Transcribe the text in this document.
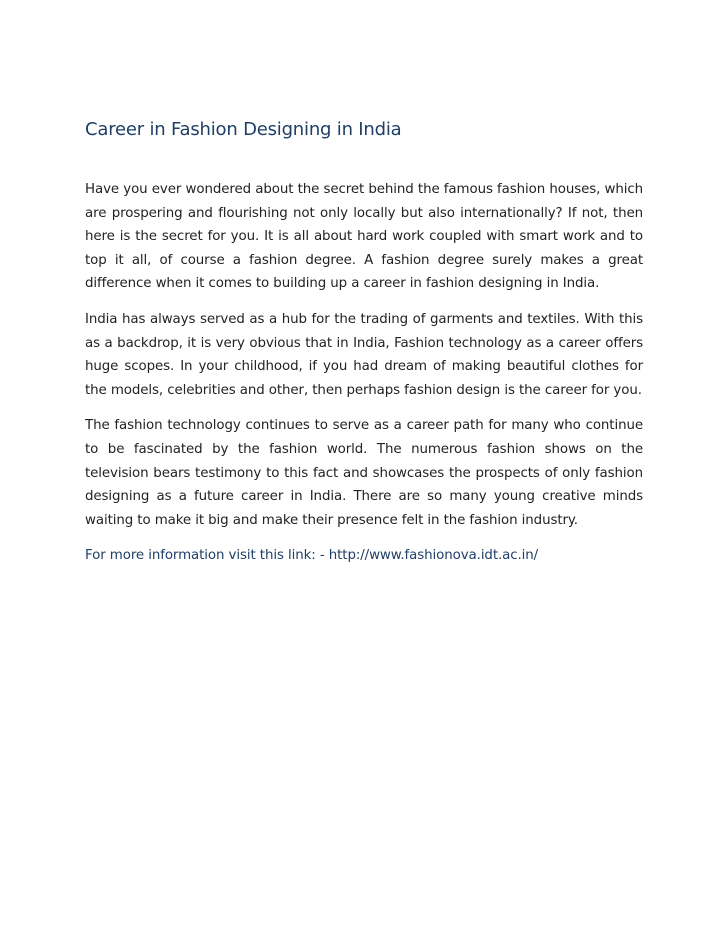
Career in Fashion Designing in India

Have you ever wondered about the secret behind the famous fashion houses, which are prospering and flourishing not only locally but also internationally? If not, then here is the secret for you. It is all about hard work coupled with smart work and to top it all, of course a fashion degree. A fashion degree surely makes a great difference when it comes to building up a career in fashion designing in India.

India has always served as a hub for the trading of garments and textiles. With this as a backdrop, it is very obvious that in India, Fashion technology as a career offers huge scopes. In your childhood, if you had dream of making beautiful clothes for the models, celebrities and other, then perhaps fashion design is the career for you.

The fashion technology continues to serve as a career path for many who continue to be fascinated by the fashion world. The numerous fashion shows on the television bears testimony to this fact and showcases the prospects of only fashion designing as a future career in India. There are so many young creative minds waiting to make it big and make their presence felt in the fashion industry.

For more information visit this link: - http://www.fashionova.idt.ac.in/
